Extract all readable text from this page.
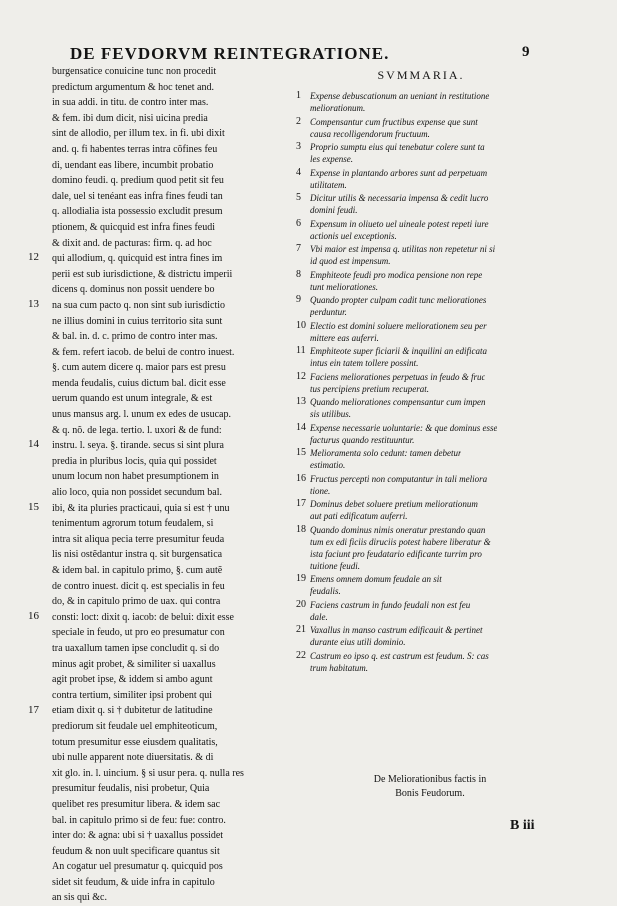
DE FEVDORVM REINTEGRATIONE.	9
burgensatice conuicine tunc non procedit
predictum argumentum & hoc tenet and.
in sua addi. in titu. de contro inter mas.
& fem. ibi dum dicit, nisi uicina predia
sint de allodio, per illum tex. in fi. ubi dixit
and. q. fi habentes terras intra cõfines feu
di, uendant eas libere, incumbit probatio
domino feudi. q. predium quod petit sit feu
dale, uel si tenéant eas infra fines feudi tan
q. allodialia ista possessio excludit presum
ptionem, & quicquid est infra fines feudi
& dixit and. de pacturas: firm. q. ad hoc
qui allodium, q. quicquid est intra fines im
perii est sub iurisdictione, & districtu imperii
dicens q. dominus non possit uendere bo
na sua cum pacto q. non sint sub iurisdictio
ne illius domini in cuius territorio sita sunt
& bal. in. d. c. primo de contro inter mas.
& fem. refert iacob. de belui de contro inuest.
§. cum autem dicere q. maior pars est presu
menda feudalis, cuius dictum bal. dicit esse
uerum quando est unum integrale, & est
unus mansus arg. l. unum ex edes de usucap.
& q. nõ. de lega. tertio. l. uxori & de fund:
instru. l. seya. §. tirande. secus si sint plura
predia in pluribus locis, quia qui possidet
unum locum non habet presumptionem in
alio loco, quia non possidet secundum bal.
ibi, & ita pluries practicaui, quia si est † unu
tenimentum agrorum totum feudalem, si
intra sit aliqua pecia terre presumitur feuda
lis nisi ostẽdantur instra q. sit burgensatica
& idem bal. in capitulo primo, §. cum autẽ
de contro inuest. dicit q. est specialis in feu
do, & in capitulo primo de uax. qui contra
consti: loct: dixit q. iacob: de belui: dixit esse
speciale in feudo, ut pro eo presumatur con
tra uaxallum tamen ipse concludit q. si do
minus agit probet, & similiter si uaxallus
agit probet ipse, & iddem si ambo agunt
contra tertium, similiter ipsi probent qui
etiam dixit q. si † dubitetur de latitudine
prediorum sit feudale uel emphiteoticum,
totum presumitur esse eiusdem qualitatis,
ubi nulle apparent note diuersitatis. & di
xit glo. in. l. uincium. § si usur pera. q. nulla res
presumitur feudalis, nisi probetur, Quia
quelibet res presumitur libera. & idem sac
bal. in capitulo primo si de feu: fue: contro.
inter do: & agna: ubi si † uaxallus possidet
feudum & non uult specificare quantus sit
An cogatur uel presumatur q. quicquid pos
sidet sit feudum, & uide infra in capitulo
an sis qui &c.
SVMMARIA.
1	Expense debuscationum an ueniant in restitutione
meliorationum.
2	Compensantur cum fructibus expense que sunt
causa recolligendorum fructuum.
3	Proprio sumptu eius qui tenebatur colere sunt ta
les expense.
4	Expense in plantando arbores sunt ad perpetuam
utilitatem.
5	Dicitur utilis & necessaria impensa & cedit lucro
domini feudi.
6	Expensum in oliueto uel uineale potest repeti iure
actionis uel exceptionis.
7	Vbi maior est impensa q. utilitas non repetetur ni si
id quod est impensum.
8	Emphiteote feudi pro modica pensione non repe
tunt meliorationes.
9	Quando propter culpam cadit tunc meliorationes
perduntur.
10 Electio est domini soluere meliorationem seu per
mittere eas auferri.
11 Emphiteote super ficiarii & inquilini an edificata
intus ein tatem tollere possint.
12 Faciens meliorationes perpetuas in feudo & fruc
tus percipiens pretium recuperat.
13 Quando meliorationes compensantur cum impen
sis utilibus.
14 Expense necessarie uoluntarie: & que dominus esse
facturus quando restituuntur.
15 Melioramenta solo cedunt: tamen debetur
estimatio.
16 Fructus percepti non computantur in tali meliora
tione.
17 Dominus debet soluere pretium meliorationum
aut pati edificatum auferri.
18 Quando dominus nimis oneratur prestando quan
tum ex edi ficiis diruciis potest habere liberatur &
ista faciunt pro feudatario edificante turrim pro
tuitione feudi.
19 Emens omnem domum feudale an sit
feudalis.
20 Faciens castrum in fundo feudali non est feu
dale.
21 Vaxallus in manso castrum edificauit & pertinet
durante eius utili dominio.
22 Castrum eo ipso q. est castrum est feudum. S: cas
trum habitatum.
De Meliorationibus factis in
Bonis Feudorum.
B iii
12
13
14
15
16
17
